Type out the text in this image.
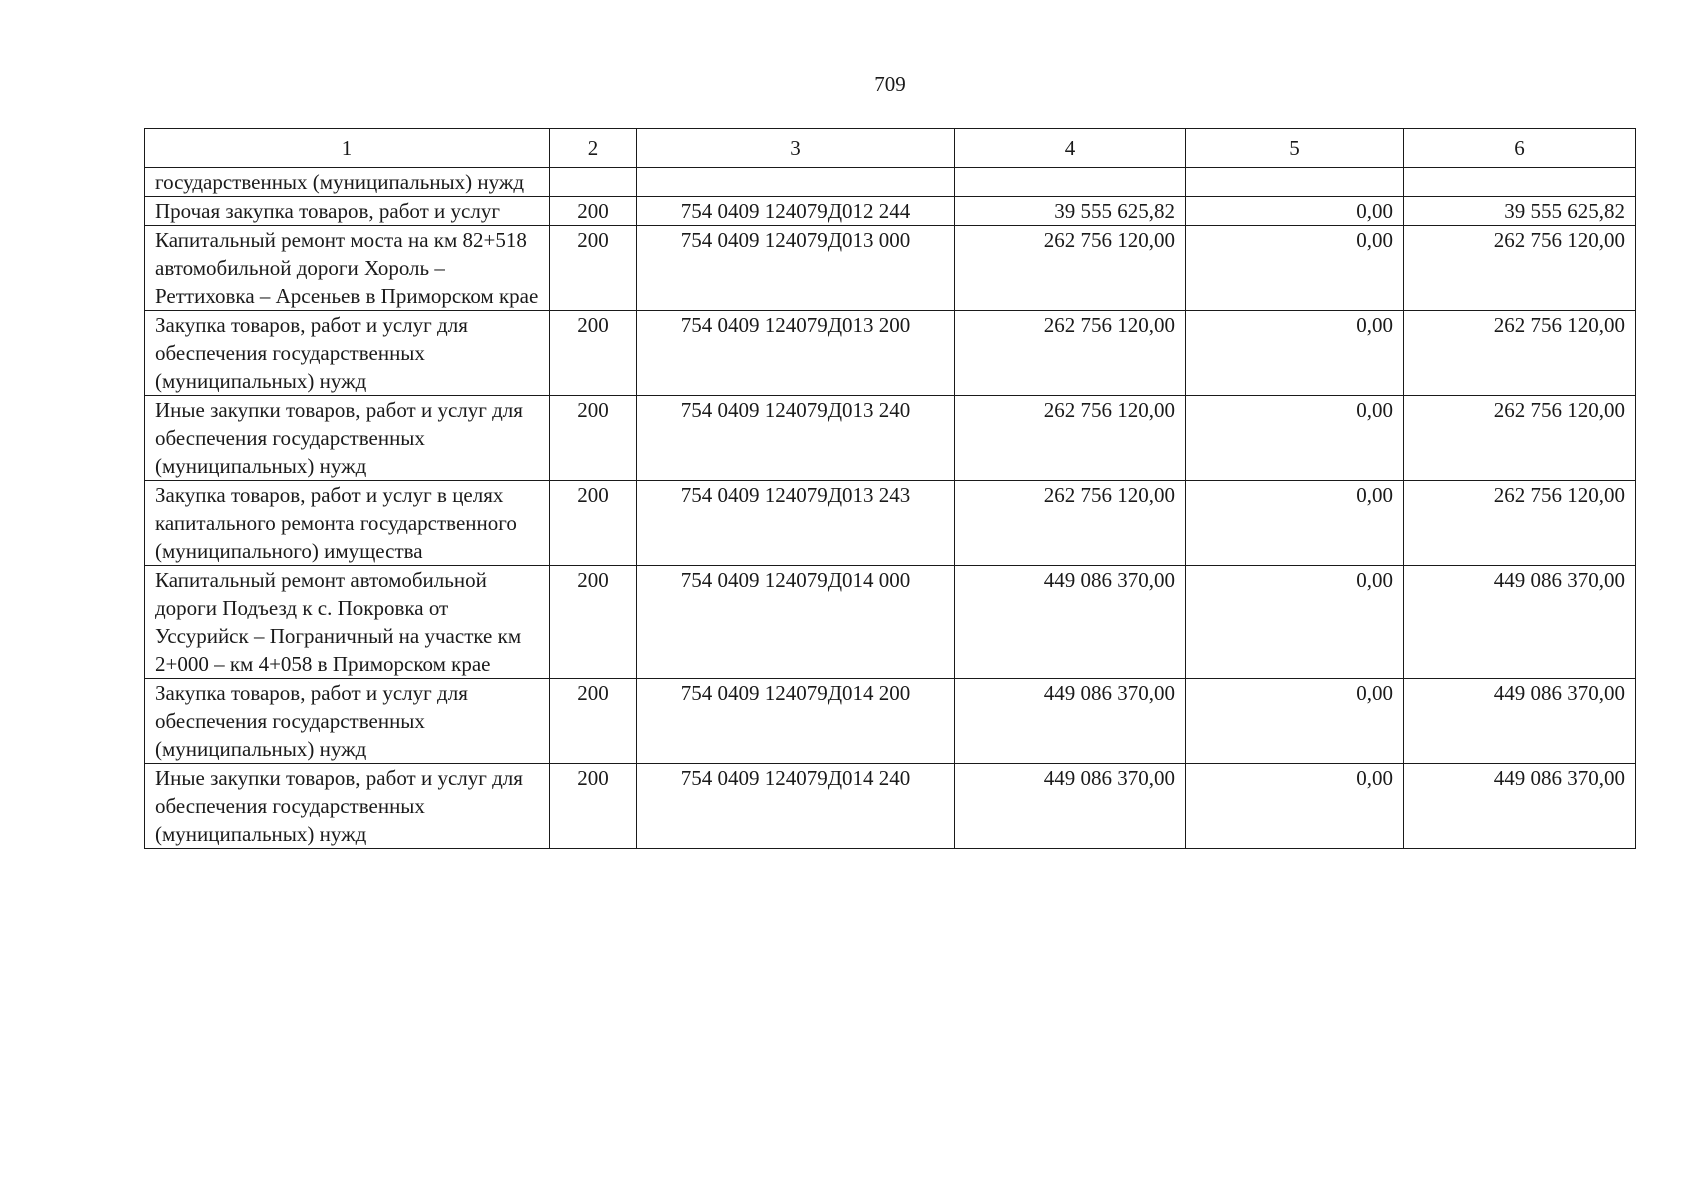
709
1	2	3	4	5	6
государственных (муниципальных) нужд					
Прочая закупка товаров, работ и услуг	200	754 0409 124079Д012 244	39 555 625,82	0,00	39 555 625,82
Капитальный ремонт моста на км 82+518 автомобильной дороги Хороль – Реттиховка – Арсеньев в Приморском крае	200	754 0409 124079Д013 000	262 756 120,00	0,00	262 756 120,00
Закупка товаров, работ и услуг для обеспечения государственных (муниципальных) нужд	200	754 0409 124079Д013 200	262 756 120,00	0,00	262 756 120,00
Иные закупки товаров, работ и услуг для обеспечения государственных (муниципальных) нужд	200	754 0409 124079Д013 240	262 756 120,00	0,00	262 756 120,00
Закупка товаров, работ и услуг в целях капитального ремонта государственного (муниципального) имущества	200	754 0409 124079Д013 243	262 756 120,00	0,00	262 756 120,00
Капитальный ремонт автомобильной дороги Подъезд к с. Покровка от Уссурийск – Пограничный на участке км 2+000 – км 4+058 в Приморском крае	200	754 0409 124079Д014 000	449 086 370,00	0,00	449 086 370,00
Закупка товаров, работ и услуг для обеспечения государственных (муниципальных) нужд	200	754 0409 124079Д014 200	449 086 370,00	0,00	449 086 370,00
Иные закупки товаров, работ и услуг для обеспечения государственных (муниципальных) нужд	200	754 0409 124079Д014 240	449 086 370,00	0,00	449 086 370,00
